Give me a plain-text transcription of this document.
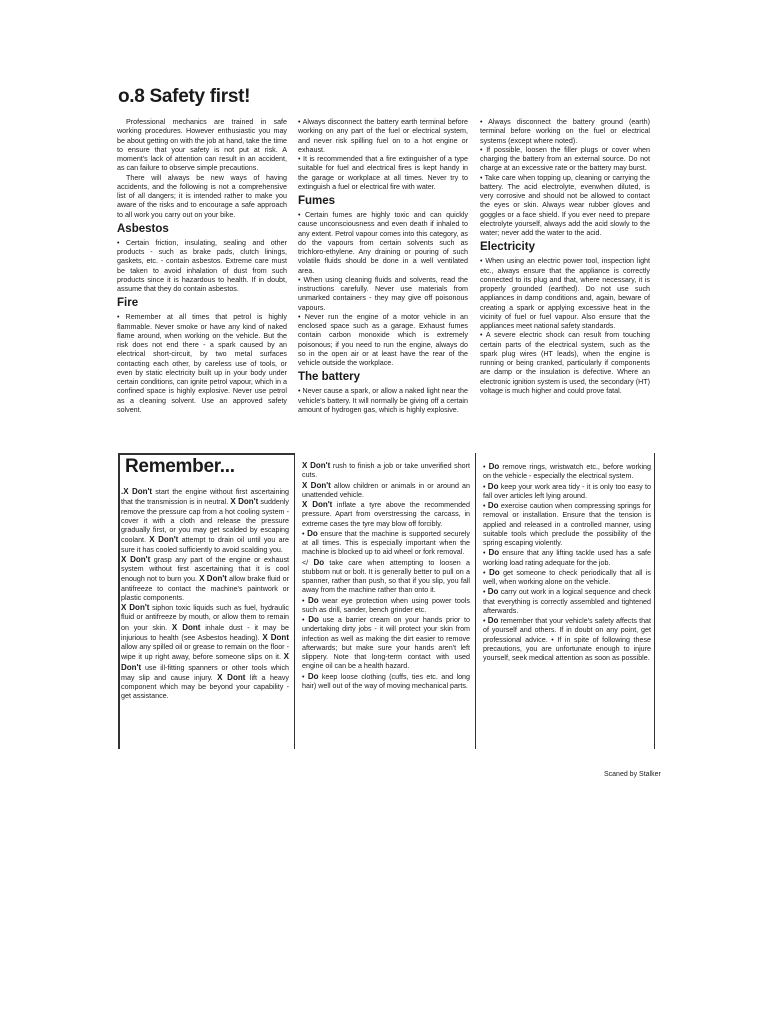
o.8 Safety first!

Professional mechanics are trained in safe working procedures. However enthusiastic you may be about getting on with the job at hand, take the time to ensure that your safety is not put at risk. A moment's lack of attention can result in an accident, as can failure to observe simple precautions.

There will always be new ways of having accidents, and the following is not a comprehensive list of all dangers; it is intended rather to make you aware of the risks and to encourage a safe approach to all work you carry out on your bike.

Asbestos

• Certain friction, insulating, sealing and other products - such as brake pads, clutch linings, gaskets, etc. - contain asbestos. Extreme care must be taken to avoid inhalation of dust from such products since it is hazardous to health. If in doubt, assume that they do contain asbestos.

Fire

• Remember at all times that petrol is highly flammable. Never smoke or have any kind of naked flame around, when working on the vehicle. But the risk does not end there - a spark caused by an electrical short-circuit, by two metal surfaces contacting each other, by careless use of tools, or even by static electricity built up in your body under certain conditions, can ignite petrol vapour, which in a confined space is highly explosive. Never use petrol as a cleaning solvent. Use an approved safety solvent.

• Always disconnect the battery earth terminal before working on any part of the fuel or electrical system, and never risk spilling fuel on to a hot engine or exhaust.

• It is recommended that a fire extinguisher of a type suitable for fuel and electrical fires is kept handy in the garage or workplace at all times. Never try to extinguish a fuel or electrical fire with water.

Fumes

• Certain fumes are highly toxic and can quickly cause unconsciousness and even death if inhaled to any extent. Petrol vapour comes into this category, as do the vapours from certain solvents such as trichloro-ethylene. Any draining or pouring of such volatile fluids should be done in a well ventilated area.

• When using cleaning fluids and solvents, read the instructions carefully. Never use materials from unmarked containers - they may give off poisonous vapours.

• Never run the engine of a motor vehicle in an enclosed space such as a garage. Exhaust fumes contain carbon monoxide which is extremely poisonous; if you need to run the engine, always do so in the open air or at least have the rear of the vehicle outside the workplace.

The battery

• Never cause a spark, or allow a naked light near the vehicle's battery. It will normally be giving off a certain amount of hydrogen gas, which is highly explosive.

• Always disconnect the battery ground (earth) terminal before working on the fuel or electrical systems (except where noted).

• If possible, loosen the filler plugs or cover when charging the battery from an external source. Do not charge at an excessive rate or the battery may burst.

• Take care when topping up, cleaning or carrying the battery. The acid electrolyte, evenwhen diluted, is very corrosive and should not be allowed to contact the eyes or skin. Always wear rubber gloves and goggles or a face shield. If you ever need to prepare electrolyte yourself, always add the acid slowly to the water; never add the water to the acid.

Electricity

• When using an electric power tool, inspection light etc., always ensure that the appliance is correctly connected to its plug and that, where necessary, it is properly grounded (earthed). Do not use such appliances in damp conditions and, again, beware of creating a spark or applying excessive heat in the vicinity of fuel or fuel vapour. Also ensure that the appliances meet national safety standards.

• A severe electric shock can result from touching certain parts of the electrical system, such as the spark plug wires (HT leads), when the engine is running or being cranked, particularly if components are damp or the insulation is defective. Where an electronic ignition system is used, the secondary (HT) voltage is much higher and could prove fatal.

Remember...

.X Don't start the engine without first ascertaining that the transmission is in neutral. X Don't suddenly remove the pressure cap from a hot cooling system - cover it with a cloth and release the pressure gradually first, or you may get scalded by escaping coolant. X Don't attempt to drain oil until you are sure it has cooled sufficiently to avoid scalding you.
X Don't grasp any part of the engine or exhaust system without first ascertaining that it is cool enough not to burn you. X Don't allow brake fluid or antifreeze to contact the machine's paintwork or plastic components.
X Don't siphon toxic liquids such as fuel, hydraulic fluid or antifreeze by mouth, or allow them to remain on your skin. X Dont inhale dust - it may be injurious to health (see Asbestos heading). X Dont allow any spilled oil or grease to remain on the floor - wipe it up right away, before someone slips on it. X Don't use ill-fitting spanners or other tools which may slip and cause injury. X Dont lift a heavy component which may be beyond your capability - get assistance.

X Don't rush to finish a job or take unverified short cuts.
X Don't allow children or animals in or around an unattended vehicle.
X Don't inflate a tyre above the recommended pressure. Apart from overstressing the carcass, in extreme cases the tyre may blow off forcibly.
• Do ensure that the machine is supported securely at all times. This is especially important when the machine is blocked up to aid wheel or fork removal.
</ Do take care when attempting to loosen a stubborn nut or bolt. It is generally better to pull on a spanner, rather than push, so that if you slip, you fall away from the machine rather than onto it.
• Do wear eye protection when using power tools such as drill, sander, bench grinder etc.
• Do use a barrier cream on your hands prior to undertaking dirty jobs - it will protect your skin from infection as well as making the dirt easier to remove afterwards; but make sure your hands aren't left slippery. Note that long-term contact with used engine oil can be a health hazard.
• Do keep loose clothing (cuffs, ties etc. and long hair) well out of the way of moving mechanical parts.

• Do remove rings, wristwatch etc., before working on the vehicle - especially the electrical system.
• Do keep your work area tidy - it is only too easy to fall over articles left lying around.
• Do exercise caution when compressing springs for removal or installation. Ensure that the tension is applied and released in a controlled manner, using suitable tools which preclude the possibility of the spring escaping violently.
• Do ensure that any lifting tackle used has a safe working load rating adequate for the job.
• Do get someone to check periodically that all is well, when working alone on the vehicle.
• Do carry out work in a logical sequence and check that everything is correctly assembled and tightened afterwards.
• Do remember that your vehicle's safety affects that of yourself and others. If in doubt on any point, get professional advice. • If in spite of following these precautions, you are unfortunate enough to injure yourself, seek medical attention as soon as possible.

Scaned by Stalker
